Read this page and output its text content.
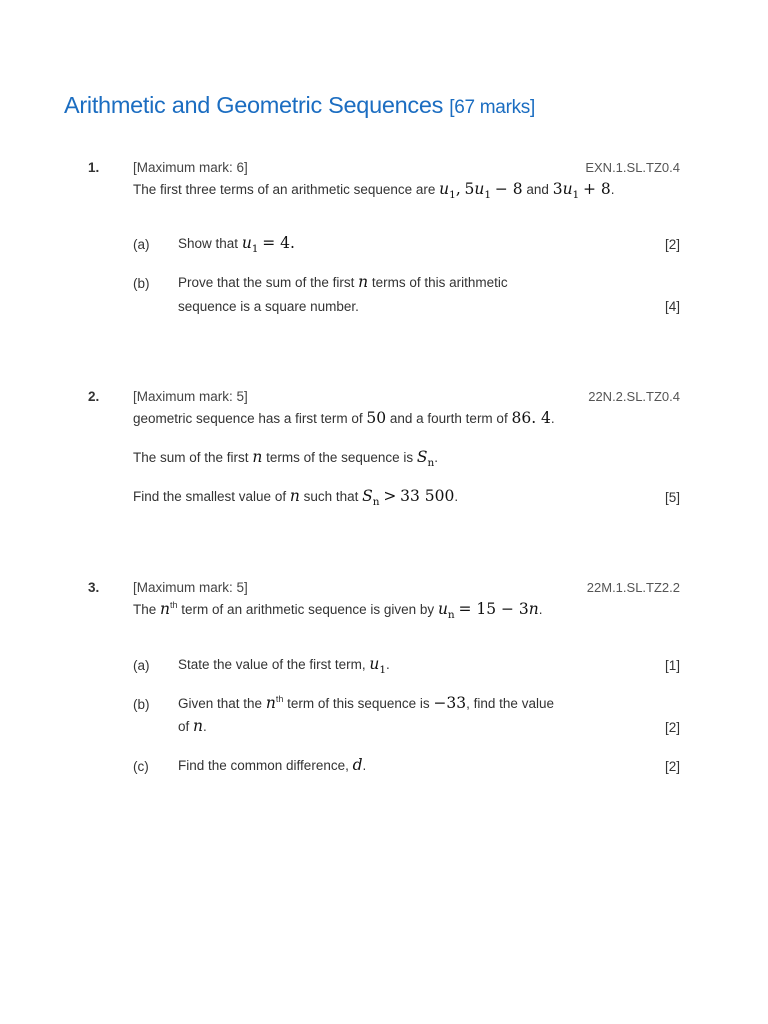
Arithmetic and Geometric Sequences [67 marks]
1. [Maximum mark: 6]	EXN.1.SL.TZ0.4
The first three terms of an arithmetic sequence are $u_1$, $5u_1 - 8$ and $3u_1 + 8$.
(a) Show that $u_1 = 4$.	[2]
(b) Prove that the sum of the first n terms of this arithmetic
sequence is a square number.	[4]
2. [Maximum mark: 5]	22N.2.SL.TZ0.4
geometric sequence has a first term of 50 and a fourth term of 86. 4.
The sum of the first n terms of the sequence is $S_n$.
Find the smallest value of n such that $S_n > 33$ 500.	[5]
3. [Maximum mark: 5]	22M.1.SL.TZ2.2
The $n^{th}$ term of an arithmetic sequence is given by $u_n = 15 - 3n$.
(a) State the value of the first term, $u_1$.	[1]
(b) Given that the $n^{th}$ term of this sequence is −33, find the value
of n.	[2]
(c) Find the common difference, d.	[2]
